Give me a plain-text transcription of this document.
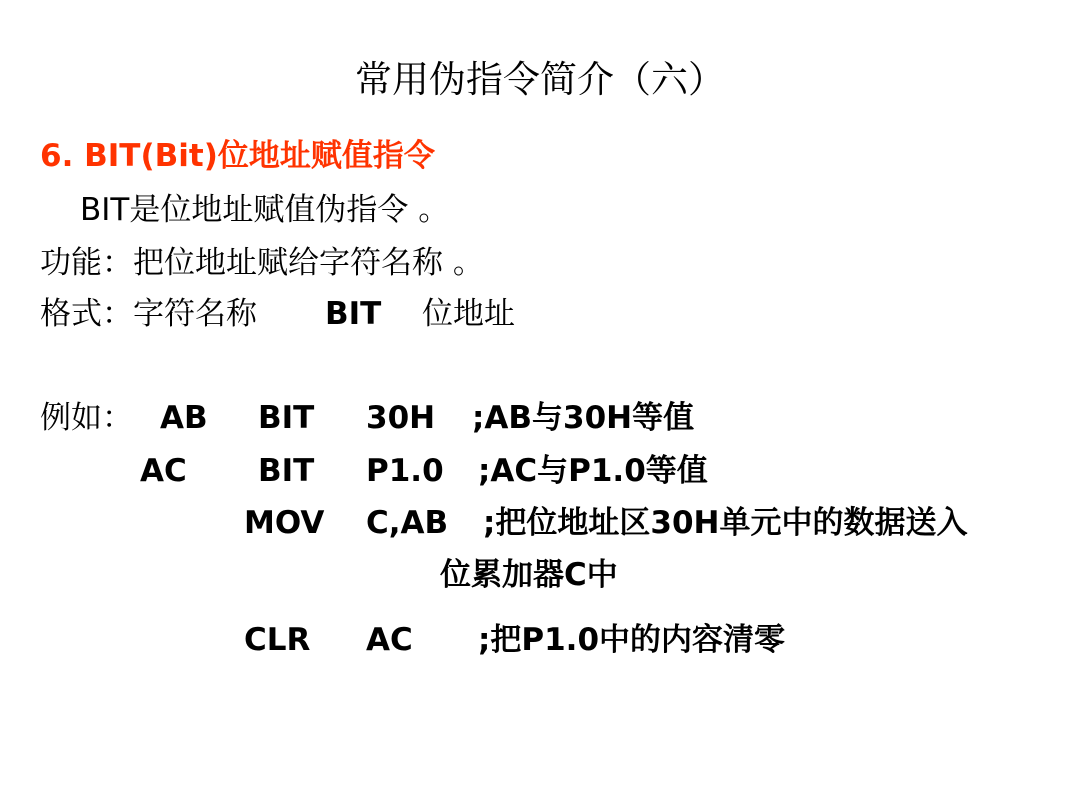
常用伪指令简介（六）
6. BIT(Bit)位地址赋值指令
BIT是位地址赋值伪指令 。
功能：把位地址赋给字符名称 。
格式：字符名称 BIT 位地址
例如： AB BIT 30H ;AB与30H等值
AC BIT P1.0 ;AC与P1.0等值
MOV C,AB ;把位地址区30H单元中的数据送入
位累加器C中
CLR AC ;把P1.0中的内容清零
